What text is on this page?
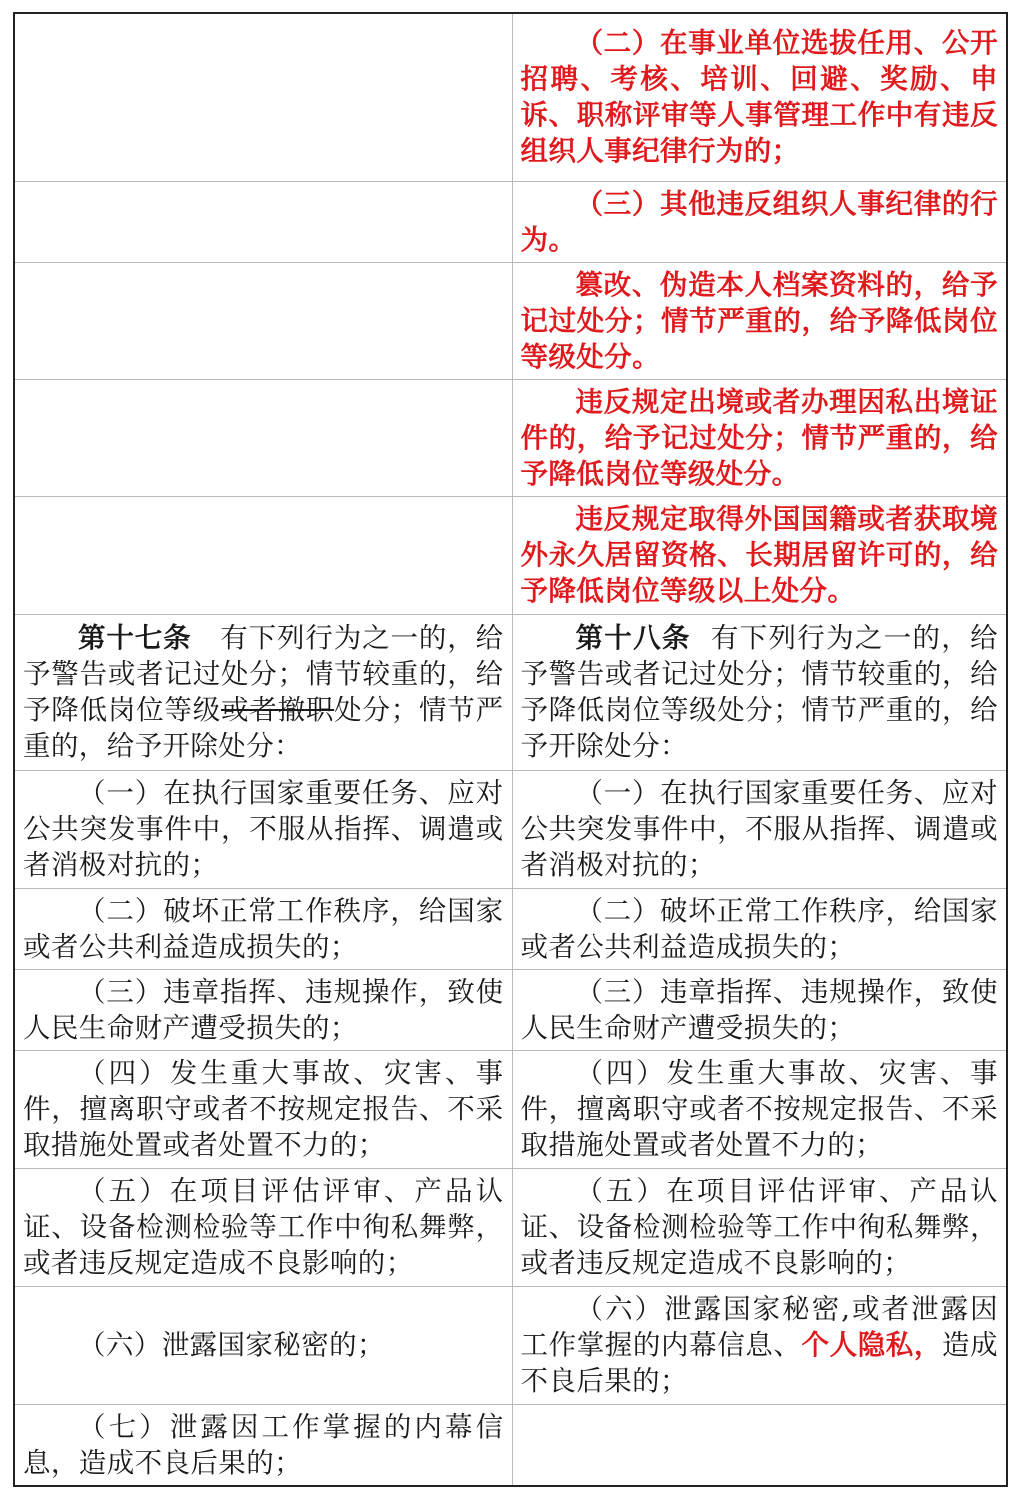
	（二）在事业单位选拔任用、公开招聘、考核、培训、回避、奖励、申诉、职称评审等人事管理工作中有违反组织人事纪律行为的；

	（三）其他违反组织人事纪律的行为。

	篡改、伪造本人档案资料的，给予记过处分；情节严重的，给予降低岗位等级处分。

	违反规定出境或者办理因私出境证件的，给予记过处分；情节严重的，给予降低岗位等级处分。

	违反规定取得外国国籍或者获取境外永久居留资格、长期居留许可的，给予降低岗位等级以上处分。

第十七条 有下列行为之一的，给予警告或者记过处分；情节较重的，给予降低岗位等级或者撤职处分；情节严重的，给予开除处分：	第十八条 有下列行为之一的，给予警告或者记过处分；情节较重的，给予降低岗位等级处分；情节严重的，给予开除处分：

（一）在执行国家重要任务、应对公共突发事件中，不服从指挥、调遣或者消极对抗的；	（一）在执行国家重要任务、应对公共突发事件中，不服从指挥、调遣或者消极对抗的；

（二）破坏正常工作秩序，给国家或者公共利益造成损失的；	（二）破坏正常工作秩序，给国家或者公共利益造成损失的；

（三）违章指挥、违规操作，致使人民生命财产遭受损失的；	（三）违章指挥、违规操作，致使人民生命财产遭受损失的；

（四）发生重大事故、灾害、事件，擅离职守或者不按规定报告、不采取措施处置或者处置不力的；	（四）发生重大事故、灾害、事件，擅离职守或者不按规定报告、不采取措施处置或者处置不力的；

（五）在项目评估评审、产品认证、设备检测检验等工作中徇私舞弊，或者违反规定造成不良影响的；	（五）在项目评估评审、产品认证、设备检测检验等工作中徇私舞弊，或者违反规定造成不良影响的；

（六）泄露国家秘密的；	（六）泄露国家秘密,或者泄露因工作掌握的内幕信息、个人隐私，造成不良后果的；

（七）泄露因工作掌握的内幕信息，造成不良后果的；	
